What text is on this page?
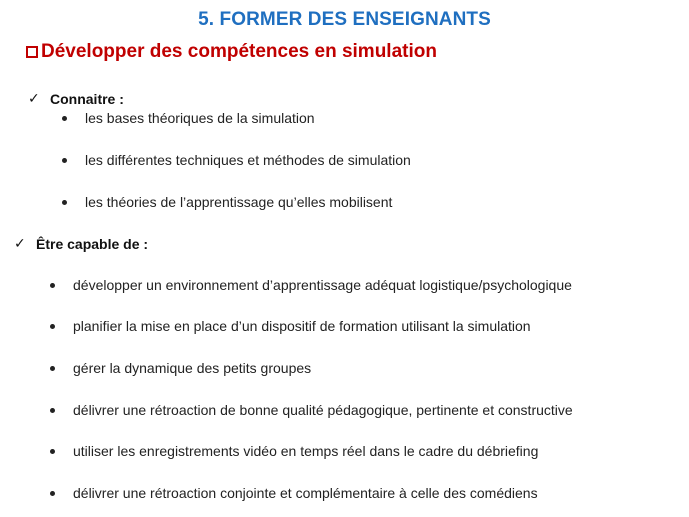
5. FORMER DES ENSEIGNANTS
Développer des compétences en simulation
✓ Connaitre :
les bases théoriques de la simulation
les différentes techniques et méthodes de simulation
les théories de l’apprentissage qu’elles mobilisent
✓ Être capable de :
développer un environnement d’apprentissage adéquat logistique/psychologique
planifier la mise en place d’un dispositif de formation utilisant la simulation
gérer la dynamique des petits groupes
délivrer une rétroaction de bonne qualité pédagogique, pertinente et constructive
utiliser les enregistrements vidéo en temps réel dans le cadre du débriefing
délivrer une rétroaction conjointe et complémentaire à celle des comédiens
